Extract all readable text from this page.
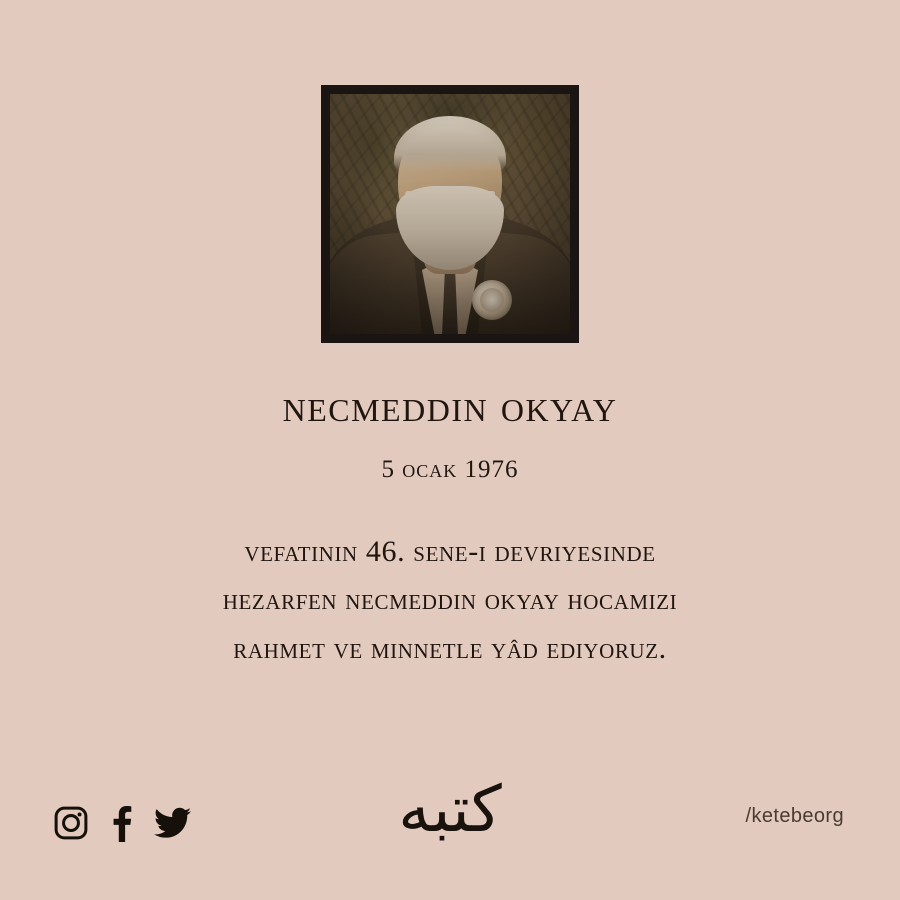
necmeddin okyay
5 ocak 1976
vefatının 46. sene-i devriyesinde
hezarfen necmeddin okyay hocamızı
rahmet ve minnetle yâd ediyoruz.
كتبه	/ketebeorg
